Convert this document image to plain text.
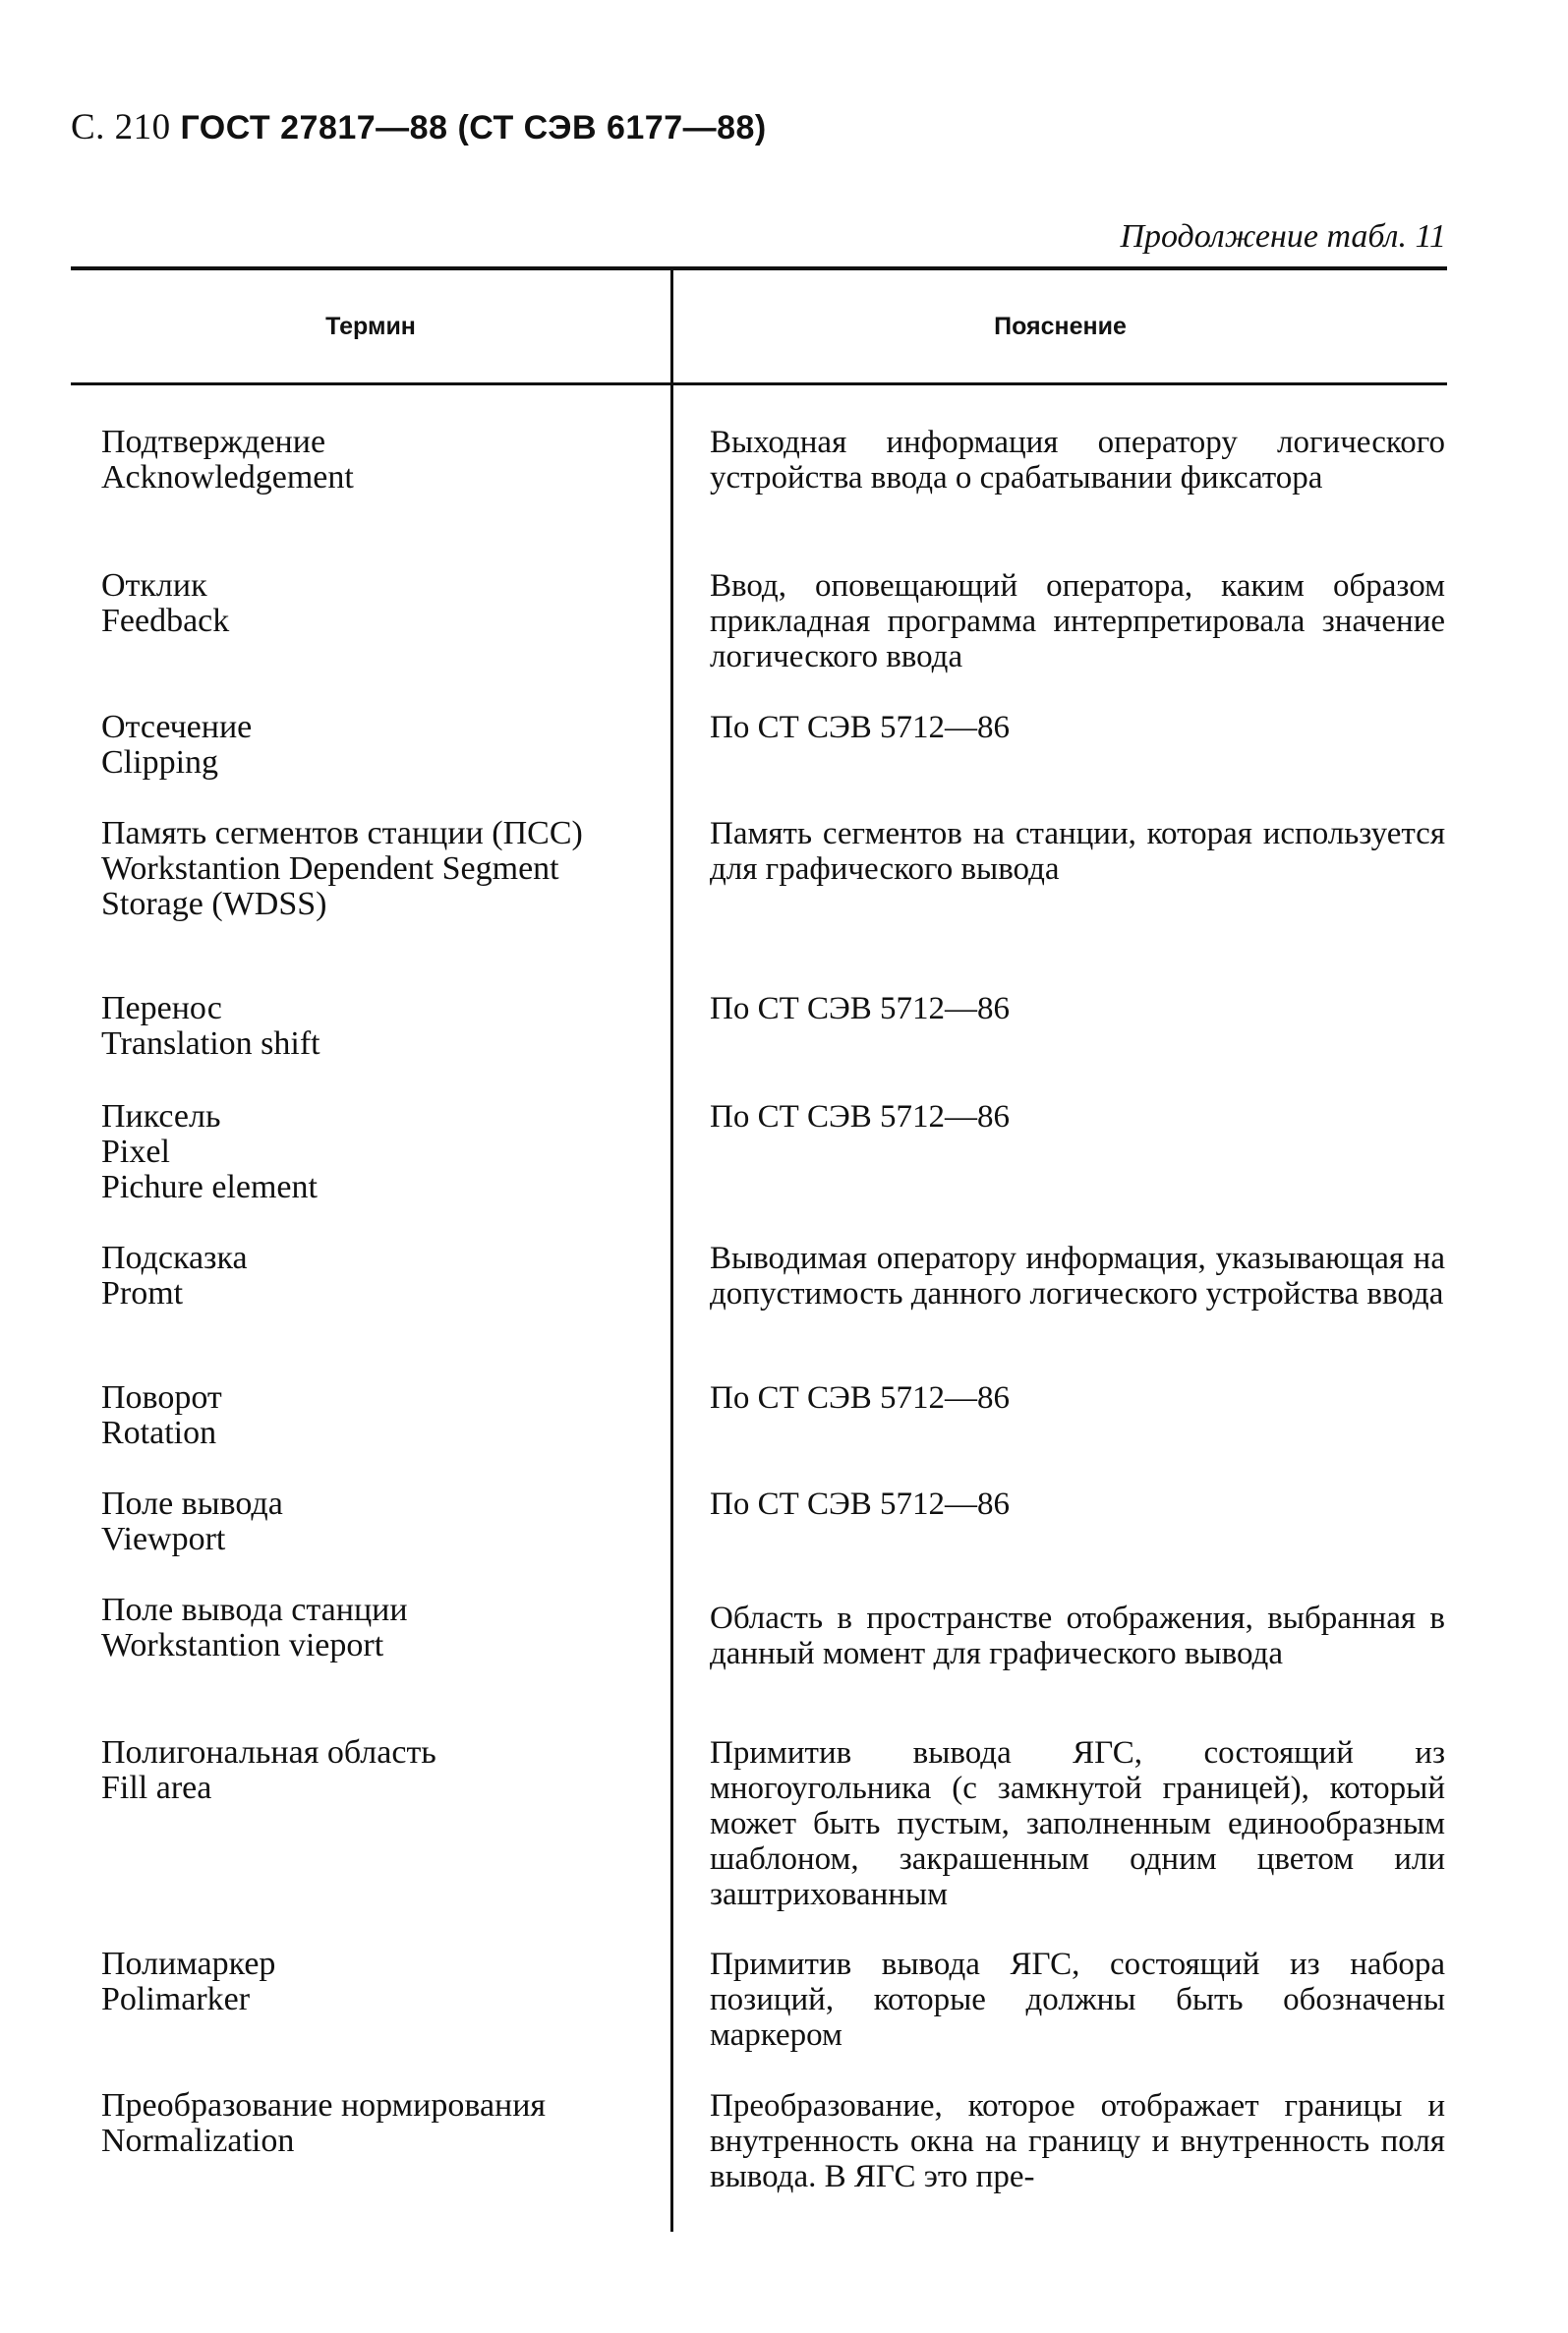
С. 210 ГОСТ 27817—88 (СТ СЭВ 6177—88)
Продолжение табл. 11
Термин	Пояснение
Подтверждение
Acknowledgement
Выходная информация оператору логического устройства ввода о срабатывании фиксатора
Отклик
Feedback
Ввод, оповещающий оператора, каким образом прикладная программа интерпретировала значение логического ввода
Отсечение
Clipping
По СТ СЭВ 5712—86
Память сегментов станции (ПСС)
Workstantion Dependent Segment Storage (WDSS)
Память сегментов на станции, которая используется для графического вывода
Перенос
Translation shift
По СТ СЭВ 5712—86
Пиксель
Pixel
Pichure element
По СТ СЭВ 5712—86
Подсказка
Promt
Выводимая оператору информация, указывающая на допустимость данного логического устройства ввода
Поворот
Rotation
По СТ СЭВ 5712—86
Поле вывода
Viewport
По СТ СЭВ 5712—86
Поле вывода станции
Workstantion vieport
Область в пространстве отображения, выбранная в данный момент для графического вывода
Полигональная область
Fill area
Примитив вывода ЯГС, состоящий из многоугольника (с замкнутой границей), который может быть пустым, заполненным единообразным шаблоном, закрашенным одним цветом или заштрихованным
Полимаркер
Polimarker
Примитив вывода ЯГС, состоящий из набора позиций, которые должны быть обозначены маркером
Преобразование нормирования
Normalization
Преобразование, которое отображает границы и внутренность окна на границу и внутренность поля вывода. В ЯГС это пре-
